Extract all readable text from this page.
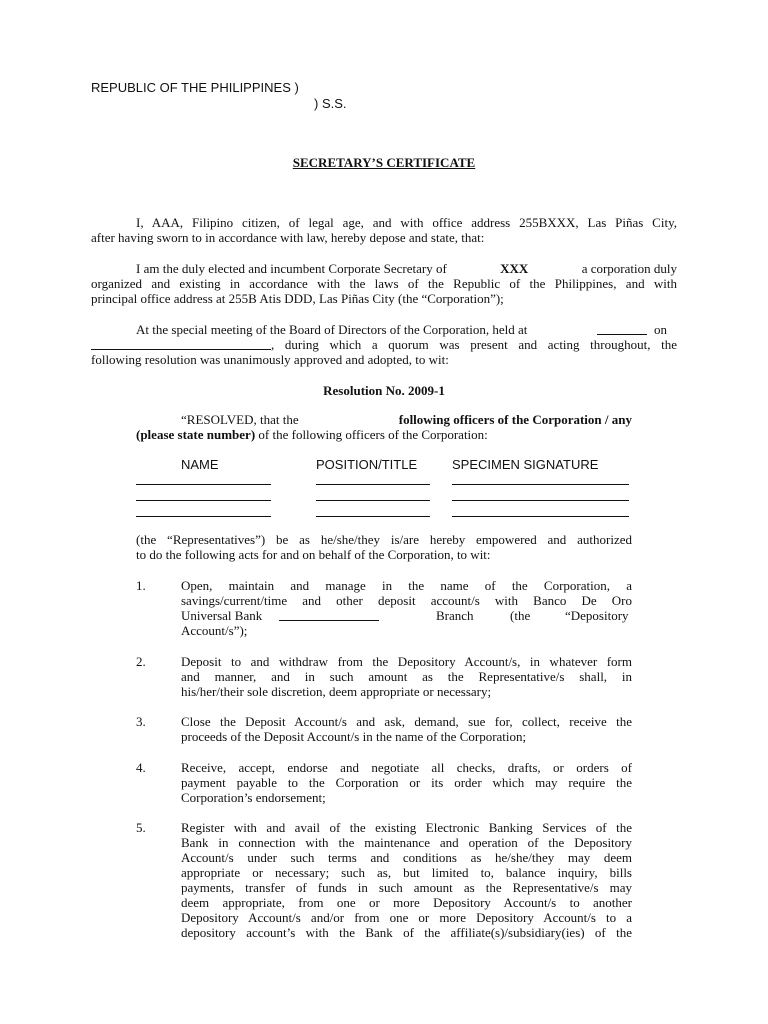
REPUBLIC OF THE PHILIPPINES )
) S.S.
SECRETARY’S CERTIFICATE
I, AAA, Filipino citizen, of legal age, and with office address 255BXXX, Las Piñas City,
after having sworn to in accordance with law, hereby depose and state, that:
I am the duly elected and incumbent Corporate Secretary of	XXX	a corporation duly
organized and existing in accordance with the laws of the Republic of the Philippines, and with
principal office address at 255B Atis DDD, Las Piñas City (the “Corporation”);
At the special meeting of the Board of Directors of the Corporation, held at	on
, during which a quorum was present and acting throughout, the
following resolution was unanimously approved and adopted, to wit:
Resolution No. 2009-1
“RESOLVED, that the	following officers of the Corporation / any
(please state number) of the following officers of the Corporation:
NAME	POSITION/TITLE	SPECIMEN SIGNATURE
(the “Representatives”) be as he/she/they is/are hereby empowered and authorized
to do the following acts for and on behalf of the Corporation, to wit:
1.	Open, maintain and manage in the name of the Corporation, a
savings/current/time and other deposit account/s with Banco De Oro
Universal Bank	Branch	(the	“Depository
Account/s”);
2.	Deposit to and withdraw from the Depository Account/s, in whatever form
and manner, and in such amount as the Representative/s shall, in
his/her/their sole discretion, deem appropriate or necessary;
3.	Close the Deposit Account/s and ask, demand, sue for, collect, receive the
proceeds of the Deposit Account/s in the name of the Corporation;
4.	Receive, accept, endorse and negotiate all checks, drafts, or orders of
payment payable to the Corporation or its order which may require the
Corporation’s endorsement;
5.	Register with and avail of the existing Electronic Banking Services of the
Bank in connection with the maintenance and operation of the Depository
Account/s under such terms and conditions as he/she/they may deem
appropriate or necessary; such as, but limited to, balance inquiry, bills
payments, transfer of funds in such amount as the Representative/s may
deem appropriate, from one or more Depository Account/s to another
Depository Account/s and/or from one or more Depository Account/s to a
depository account’s with the Bank of the affiliate(s)/subsidiary(ies) of the
